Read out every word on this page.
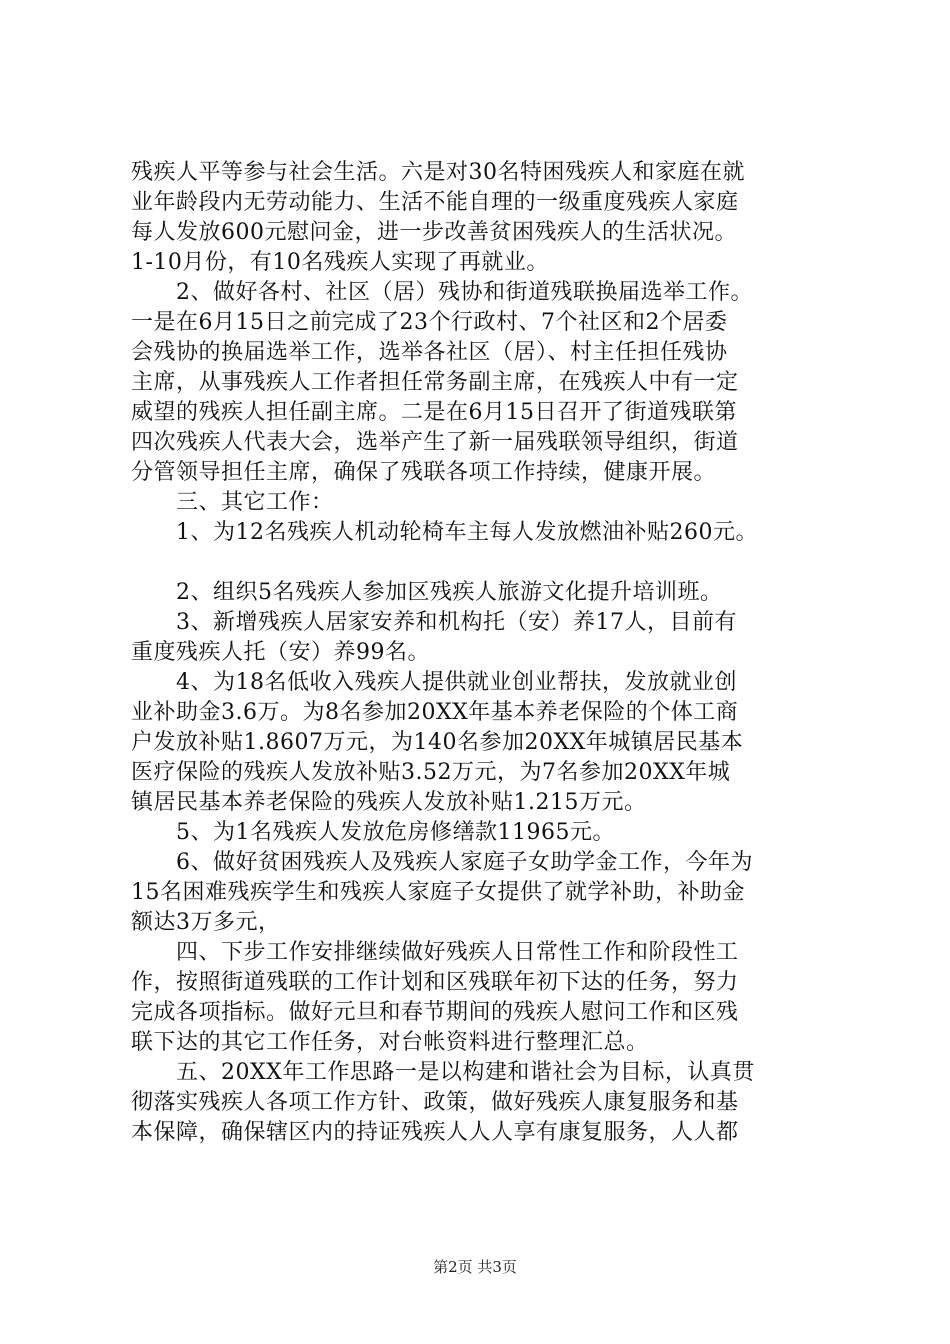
残疾人平等参与社会生活。六是对30名特困残疾人和家庭在就
业年龄段内无劳动能力、生活不能自理的一级重度残疾人家庭
每人发放600元慰问金，进一步改善贫困残疾人的生活状况。
1-10月份，有10名残疾人实现了再就业。
　　2、做好各村、社区（居）残协和街道残联换届选举工作。
一是在6月15日之前完成了23个行政村、7个社区和2个居委
会残协的换届选举工作，选举各社区（居）、村主任担任残协
主席，从事残疾人工作者担任常务副主席，在残疾人中有一定
威望的残疾人担任副主席。二是在6月15日召开了街道残联第
四次残疾人代表大会，选举产生了新一届残联领导组织，街道
分管领导担任主席，确保了残联各项工作持续，健康开展。
　　三、其它工作：
　　1、为12名残疾人机动轮椅车主每人发放燃油补贴260元。
　　2、组织5名残疾人参加区残疾人旅游文化提升培训班。
　　3、新增残疾人居家安养和机构托（安）养17人，目前有
重度残疾人托（安）养99名。
　　4、为18名低收入残疾人提供就业创业帮扶，发放就业创
业补助金3.6万。为8名参加20XX年基本养老保险的个体工商
户发放补贴1.8607万元，为140名参加20XX年城镇居民基本
医疗保险的残疾人发放补贴3.52万元，为7名参加20XX年城
镇居民基本养老保险的残疾人发放补贴1.215万元。
　　5、为1名残疾人发放危房修缮款11965元。
　　6、做好贫困残疾人及残疾人家庭子女助学金工作，今年为
15名困难残疾学生和残疾人家庭子女提供了就学补助，补助金
额达3万多元，
　　四、下步工作安排继续做好残疾人日常性工作和阶段性工
作，按照街道残联的工作计划和区残联年初下达的任务，努力
完成各项指标。做好元旦和春节期间的残疾人慰问工作和区残
联下达的其它工作任务，对台帐资料进行整理汇总。
　　五、20XX年工作思路一是以构建和谐社会为目标，认真贯
彻落实残疾人各项工作方针、政策，做好残疾人康复服务和基
本保障，确保辖区内的持证残疾人人人享有康复服务，人人都
第2页 共3页
